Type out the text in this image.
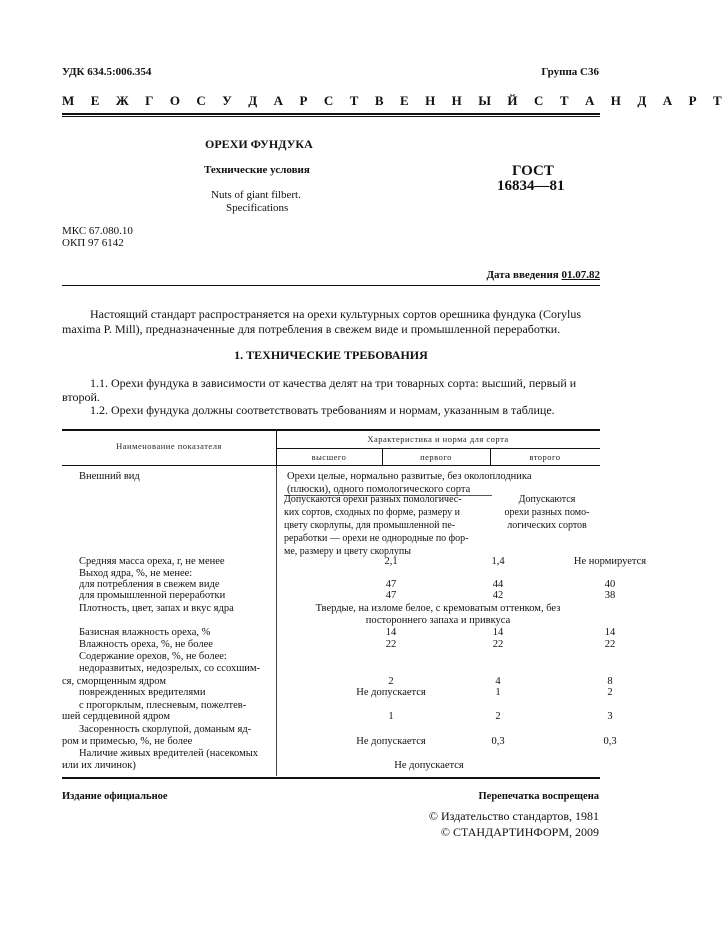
УДК 634.5:006.354	Группа С36
М Е Ж Г О С У Д А Р С Т В Е Н Н Ы Й С Т А Н Д А Р Т
ОРЕХИ ФУНДУКА
Технические условия
Nuts of giant filbert.
Specifications
ГОСТ
16834—81
МКС 67.080.10
ОКП 97 6142
Дата введения 01.07.82
Настоящий стандарт распространяется на орехи культурных сортов орешника фундука (Corylus
maxima P. Mill), предназначенные для потребления в свежем виде и промышленной переработки.
1. ТЕХНИЧЕСКИЕ ТРЕБОВАНИЯ
1.1. Орехи фундука в зависимости от качества делят на три товарных сорта: высший, первый и
второй.
1.2. Орехи фундука должны соответствовать требованиям и нормам, указанным в таблице.
Наименование показателя
Характеристика и норма для сорта
высшего	первого	второго
Внешний вид	Орехи целые, нормально развитые, без околоплодника
(плюски), одного помологического сорта
Допускаются орехи разных помологичес-
ких сортов, сходных по форме, размеру и
цвету скорлупы, для промышленной пе-
реработки — орехи не однородные по фор-
ме, размеру и цвету скорлупы
Допускаются
орехи разных помо-
логических сортов
Средняя масса ореха, г, не менее	2,1	1,4	Не нормируется
Выход ядра, %, не менее:
для потребления в свежем виде	47	44	40
для промышленной переработки	47	42	38
Плотность, цвет, запах и вкус ядра	Твердые, на изломе белое, с кремоватым оттенком, без
постороннего запаха и привкуса
Базисная влажность ореха, %	14	14	14
Влажность ореха, %, не более	22	22	22
Содержание орехов, %, не более:
недоразвитых, недозрелых, со ссохшим-
ся, сморщенным ядром	2	4	8
поврежденных вредителями	Не допускается	1	2
с прогорклым, плесневым, пожелтев-
шей сердцевиной ядром	1	2	3
Засоренность скорлупой, доманым яд-
ром и примесью, %, не более	Не допускается	0,3	0,3
Наличие живых вредителей (насекомых
или их личинок)	Не допускается
Издание официальное	Перепечатка воспрещена
© Издательство стандартов, 1981
© СТАНДАРТИНФОРМ, 2009
